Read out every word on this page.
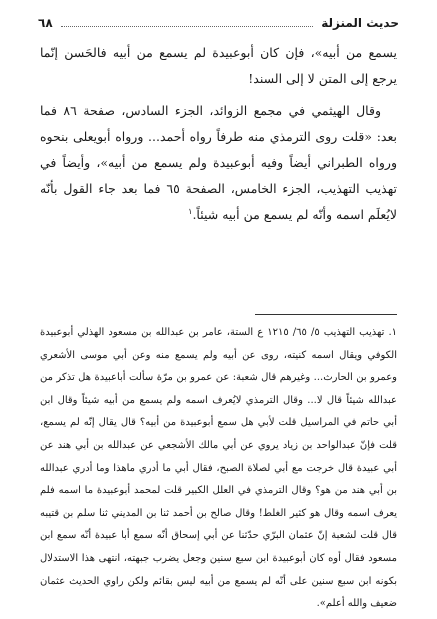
حديث المنزلة
٦٨

يسمع من أبيه»، فإن كان أبوعبيدة لم يسمع من أبيه فالحَسن إنّما يرجع إلى المتن لا إلى السند!

وقال الهيثمي في مجمع الزوائد، الجزء السادس، صفحة ٨٦ فما بعد: «قلت روى الترمذي منه طرفاً رواه أحمد... ورواه أبويعلى بنحوه ورواه الطبراني أيضاً وفيه أبوعبيدة ولم يسمع من أبيه»، وأيضاً في تهذيب التهذيب، الجزء الخامس، الصفحة ٦٥ فما بعد جاء القول بأنّه لايُعلَم اسمه وأنّه لم يسمع من أبيه شيئاً.$^١$

١. تهذيب التهذيب ٥/ ٦٥/ ١٢١٥ ع الستة، عامر بن عبدالله بن مسعود الهذلي أبوعبيدة الكوفي ويقال اسمه كنيته، روى عن أبيه ولم يسمع منه وعن أبي موسى الأشعري وعمرو بن الحارث... وغيرهم قال شعبة: عن عمرو بن مرّة سألت أباعبيدة هل تذكر من عبدالله شيئاً قال لا... وقال الترمذي لايُعرف اسمه ولم يسمع من أبيه شيئاً وقال ابن أبي حاتم في المراسيل قلت لأبي هل سمع أبوعبيدة من أبيه؟ قال يقال إنّه لم يسمع، قلت فإنّ عبدالواحد بن زياد يروي عن أبي مالك الأشجعي عن عبدالله بن أبي هند عن أبي عبيدة قال خرجت مع أبي لصلاة الصبح، فقال أبي ما أدري ماهذا وما أدري عبدالله بن أبي هند من هو؟ وقال الترمذي في العلل الكبير قلت لمحمد أبوعبيدة ما اسمه فلم يعرف اسمه وقال هو كثير الغلط! وقال صالح بن أحمد ثنا بن المديني ثنا سلم بن قتيبه قال قلت لشعبة إنّ عثمان البرّي حدّثنا عن أبي إسحاق أنّه سمع أبا عبيدة أنّه سمع ابن مسعود فقال أوه كان أبوعبيدة ابن سبع سنين وجعل يضرب جبهته، انتهى هذا الاستدلال بكونه ابن سبع سنين على أنّه لم يسمع من أبيه ليس بقائم ولكن راوي الحديث عثمان ضعيف والله أعلم».
